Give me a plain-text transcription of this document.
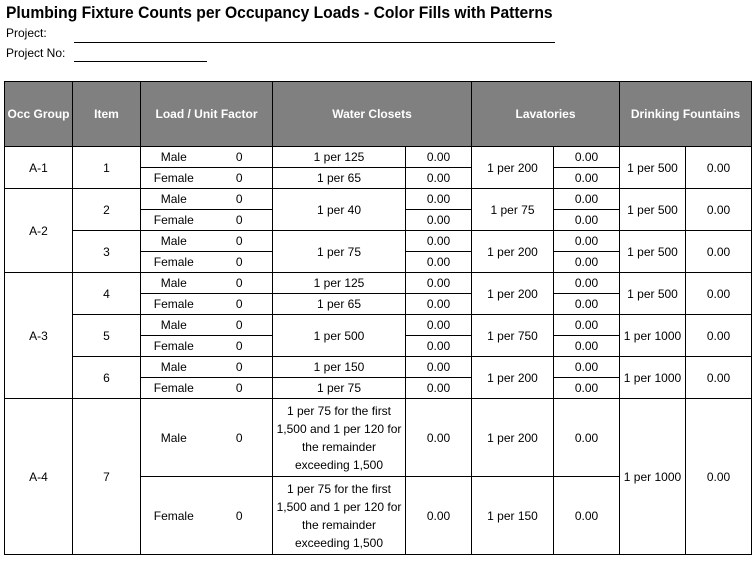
Plumbing Fixture Counts per Occupancy Loads - Color Fills with Patterns
Project:
Project No:
Occ Group	Item	Load / Unit Factor		Water Closets		Lavatories		Drinking Fountains	
A-1	1	Male	0	1 per 125	0.00	1 per 200	0.00	1 per 500	0.00
		Female	0	1 per 65	0.00		0.00		
A-2	2	Male	0	1 per 40	0.00	1 per 75	0.00	1 per 500	0.00
		Female	0		0.00		0.00		
	3	Male	0	1 per 75	0.00	1 per 200	0.00	1 per 500	0.00
		Female	0		0.00		0.00		
A-3	4	Male	0	1 per 125	0.00	1 per 200	0.00	1 per 500	0.00
		Female	0	1 per 65	0.00		0.00		
	5	Male	0	1 per 500	0.00	1 per 750	0.00	1 per 1000	0.00
		Female	0		0.00		0.00		
	6	Male	0	1 per 150	0.00	1 per 200	0.00	1 per 1000	0.00
		Female	0	1 per 75	0.00		0.00		
A-4	7	Male	0	1 per 75 for the first
1,500 and 1 per 120 for
the remainder
exceeding 1,500	0.00	1 per 200	0.00	1 per 1000	0.00
		Female	0	1 per 75 for the first
1,500 and 1 per 120 for
the remainder
exceeding 1,500	0.00	1 per 150	0.00		
